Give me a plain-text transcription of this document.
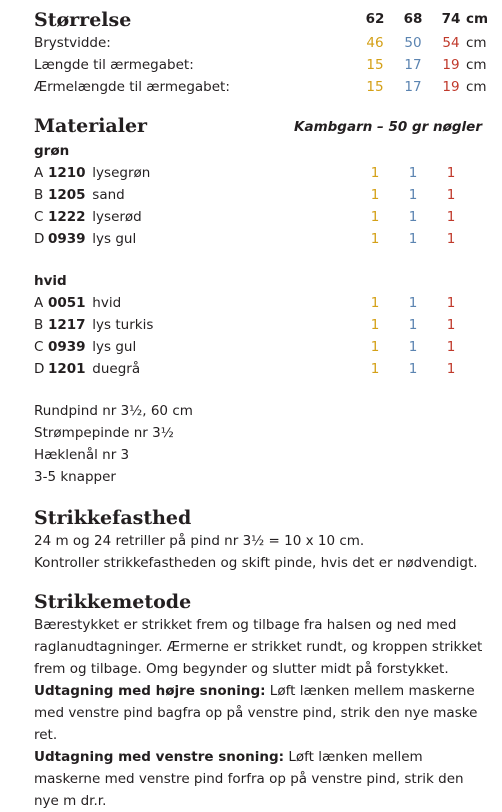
Størrelse	62 68 74 cm
Brystvidde:	46 50 54 cm
Længde til ærmegabet:	15 17 19 cm
Ærmelængde til ærmegabet:	15 17 19 cm
Materialer	Kambgarn – 50 gr nøgler
grøn
A 1210 lysegrøn	1	1	1
B 1205 sand	1	1	1
C 1222 lyserød	1	1	1
D 0939 lys gul	1	1	1
hvid
A 0051 hvid	1	1	1
B 1217 lys turkis	1	1	1
C 0939 lys gul	1	1	1
D 1201 duegrå	1	1	1
Rundpind nr 3½, 60 cm
Strømpepinde nr 3½
Hæklenål nr 3
3-5 knapper
Strikkefasthed

24 m og 24 retriller på pind nr 3½ = 10 x 10 cm.

Kontroller strikkefastheden og skift pinde, hvis det er nødvendigt.

Strikkemetode

Bærestykket er strikket frem og tilbage fra halsen og ned med raglanudtagninger. Ærmerne er strikket rundt, og kroppen strikket frem og tilbage. Omg begynder og slutter midt på forstykket.

Udtagning med højre snoning: Løft lænken mellem maskerne med venstre pind bagfra op på venstre pind, strik den nye maske ret.

Udtagning med venstre snoning: Løft lænken mellem maskerne med venstre pind forfra op på venstre pind, strik den nye m dr.r.
